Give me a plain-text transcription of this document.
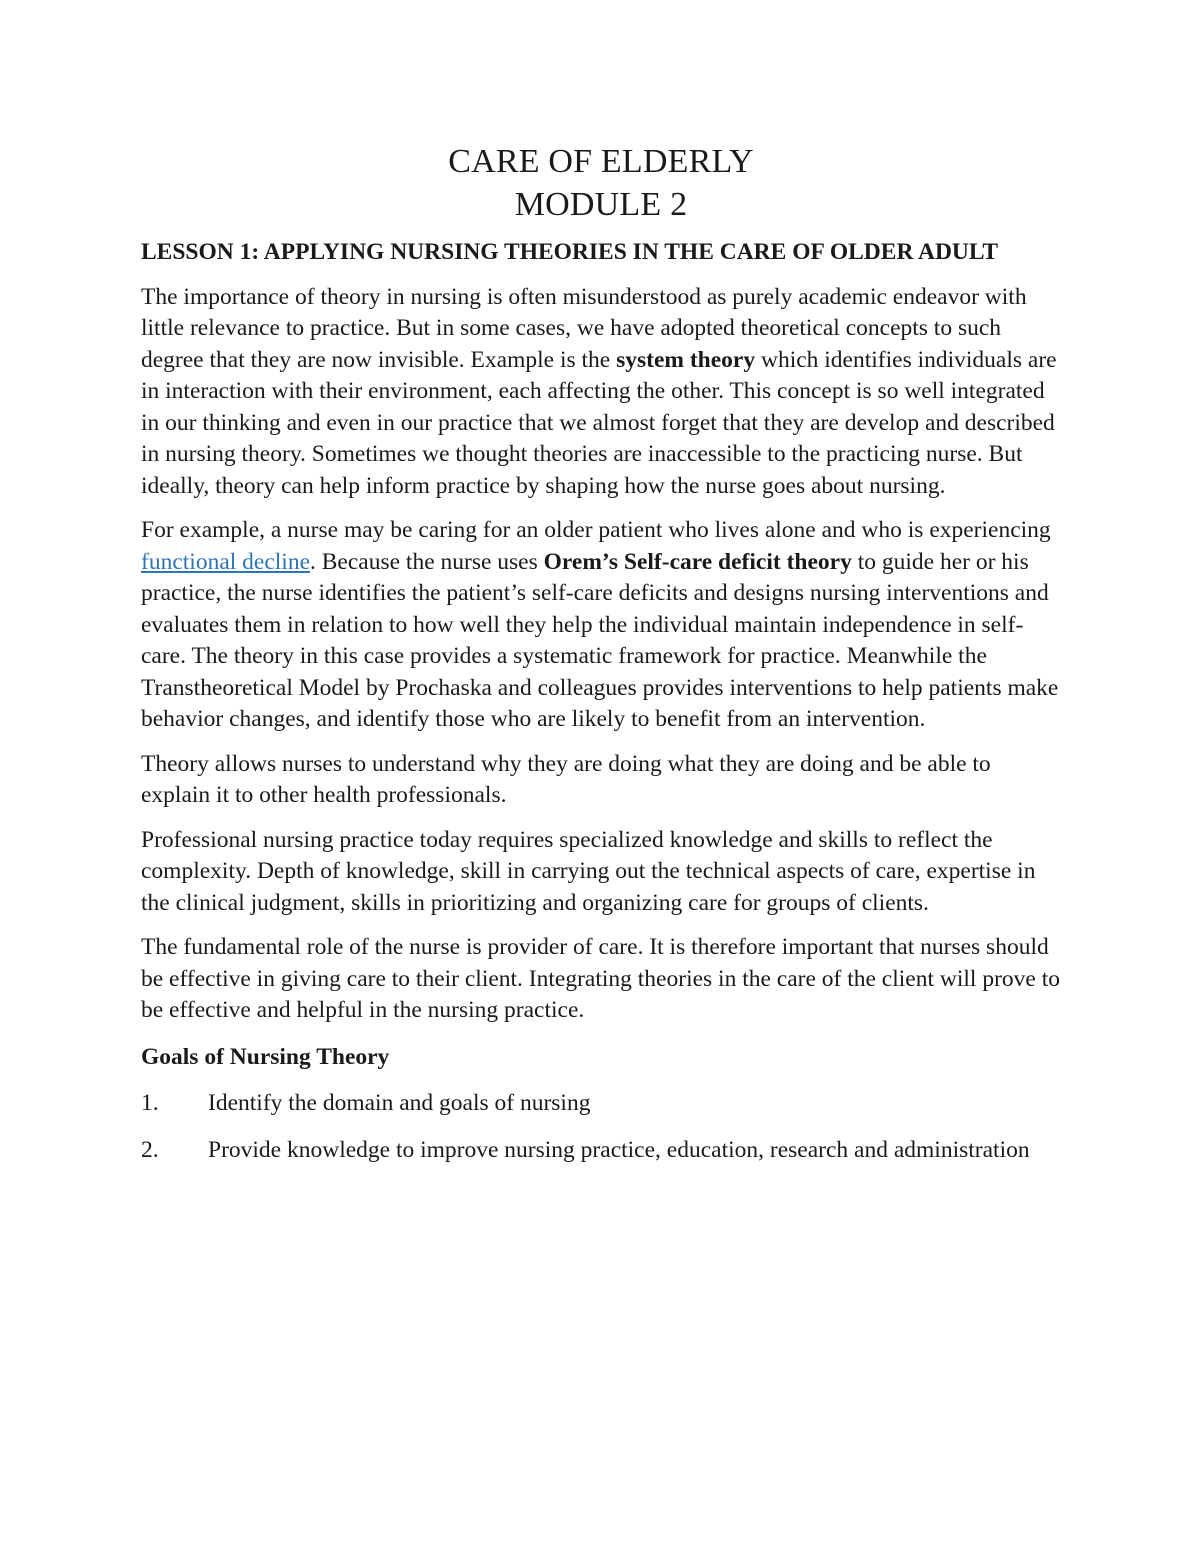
CARE OF ELDERLY
MODULE 2
LESSON 1: APPLYING NURSING THEORIES IN THE CARE OF OLDER ADULT

The importance of theory in nursing is often misunderstood as purely academic endeavor with little relevance to practice. But in some cases, we have adopted theoretical concepts to such degree that they are now invisible. Example is the system theory which identifies individuals are in interaction with their environment, each affecting the other. This concept is so well integrated in our thinking and even in our practice that we almost forget that they are develop and described in nursing theory. Sometimes we thought theories are inaccessible to the practicing nurse. But ideally, theory can help inform practice by shaping how the nurse goes about nursing.

For example, a nurse may be caring for an older patient who lives alone and who is experiencing functional decline. Because the nurse uses Orem’s Self-care deficit theory to guide her or his practice, the nurse identifies the patient’s self-care deficits and designs nursing interventions and evaluates them in relation to how well they help the individual maintain independence in self-care. The theory in this case provides a systematic framework for practice. Meanwhile the Transtheoretical Model by Prochaska and colleagues provides interventions to help patients make behavior changes, and identify those who are likely to benefit from an intervention.

Theory allows nurses to understand why they are doing what they are doing and be able to explain it to other health professionals.

Professional nursing practice today requires specialized knowledge and skills to reflect the complexity. Depth of knowledge, skill in carrying out the technical aspects of care, expertise in the clinical judgment, skills in prioritizing and organizing care for groups of clients.

The fundamental role of the nurse is provider of care. It is therefore important that nurses should be effective in giving care to their client. Integrating theories in the care of the client will prove to be effective and helpful in the nursing practice.

Goals of Nursing Theory
1. Identify the domain and goals of nursing
2. Provide knowledge to improve nursing practice, education, research and administration
